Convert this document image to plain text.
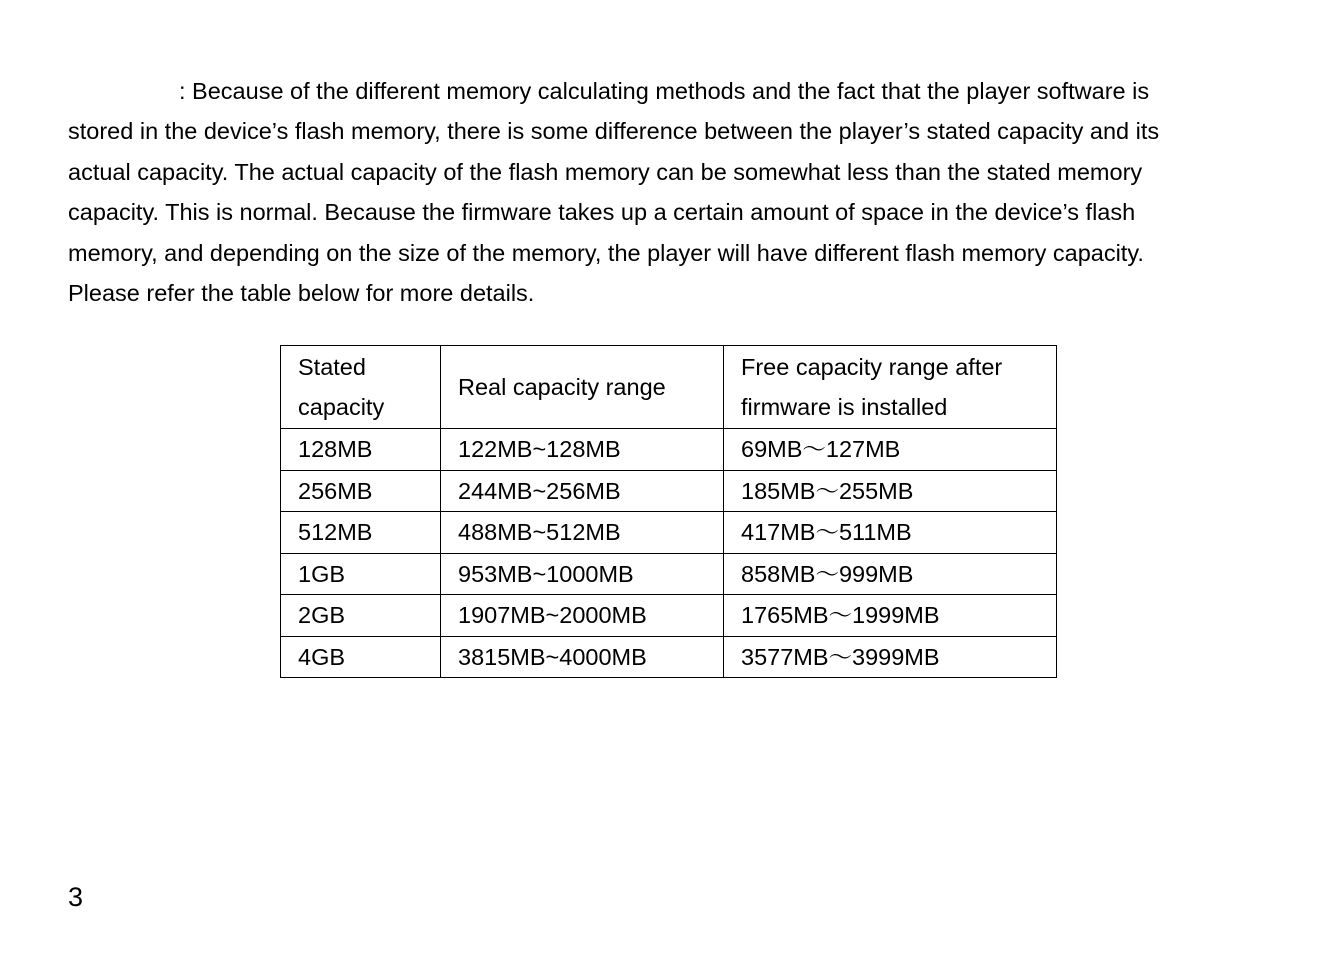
: Because of the different memory calculating methods and the fact that the player software is
stored in the device’s flash memory, there is some difference between the player’s stated capacity and its
actual capacity. The actual capacity of the flash memory can be somewhat less than the stated memory
capacity. This is normal. Because the firmware takes up a certain amount of space in the device’s flash
memory, and depending on the size of the memory, the player will have different flash memory capacity.
Please refer the table below for more details.

Stated
capacity	Real capacity range	Free capacity range after
firmware is installed
128MB	122MB~128MB	69MB～127MB
256MB	244MB~256MB	185MB～255MB
512MB	488MB~512MB	417MB～511MB
1GB	953MB~1000MB	858MB～999MB
2GB	1907MB~2000MB	1765MB～1999MB
4GB	3815MB~4000MB	3577MB～3999MB
3
